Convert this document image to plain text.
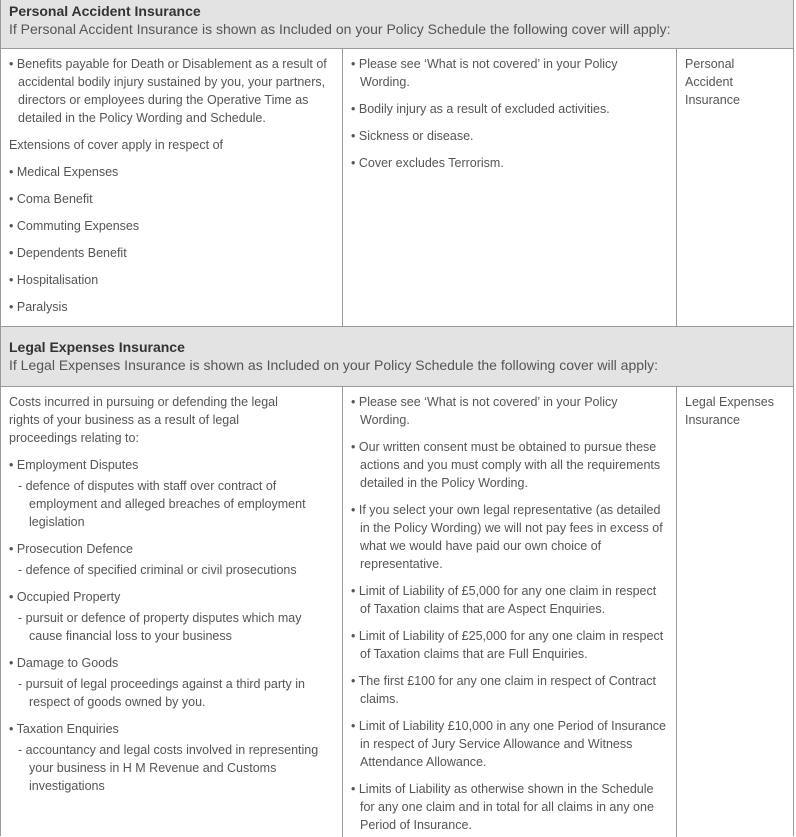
Personal Accident Insurance
If Personal Accident Insurance is shown as Included on your Policy Schedule the following cover will apply:

• Benefits payable for Death or Disablement as a result of accidental bodily injury sustained by you, your partners, directors or employees during the Operative Time as detailed in the Policy Wording and Schedule.

Extensions of cover apply in respect of

• Medical Expenses

• Coma Benefit

• Commuting Expenses

• Dependents Benefit

• Hospitalisation

• Paralysis

• Please see ‘What is not covered’ in your Policy Wording.

• Bodily injury as a result of excluded activities.

• Sickness or disease.

• Cover excludes Terrorism.

Personal Accident Insurance
Legal Expenses Insurance
If Legal Expenses Insurance is shown as Included on your Policy Schedule the following cover will apply:

Costs incurred in pursuing or defending the legal rights of your business as a result of legal proceedings relating to:

• Employment Disputes

- defence of disputes with staff over contract of employment and alleged breaches of employment legislation

• Prosecution Defence

- defence of specified criminal or civil prosecutions

• Occupied Property

- pursuit or defence of property disputes which may cause financial loss to your business

• Damage to Goods

- pursuit of legal proceedings against a third party in respect of goods owned by you.

• Taxation Enquiries

- accountancy and legal costs involved in representing your business in H M Revenue and Customs investigations

• Please see ‘What is not covered’ in your Policy Wording.

• Our written consent must be obtained to pursue these actions and you must comply with all the requirements detailed in the Policy Wording.

• If you select your own legal representative (as detailed in the Policy Wording) we will not pay fees in excess of what we would have paid our own choice of representative.

• Limit of Liability of £5,000 for any one claim in respect of Taxation claims that are Aspect Enquiries.

• Limit of Liability of £25,000 for any one claim in respect of Taxation claims that are Full Enquiries.

• The first £100 for any one claim in respect of Contract claims.

• Limit of Liability £10,000 in any one Period of Insurance in respect of Jury Service Allowance and Witness Attendance Allowance.

• Limits of Liability as otherwise shown in the Schedule for any one claim and in total for all claims in any one Period of Insurance.

Legal Expenses Insurance
